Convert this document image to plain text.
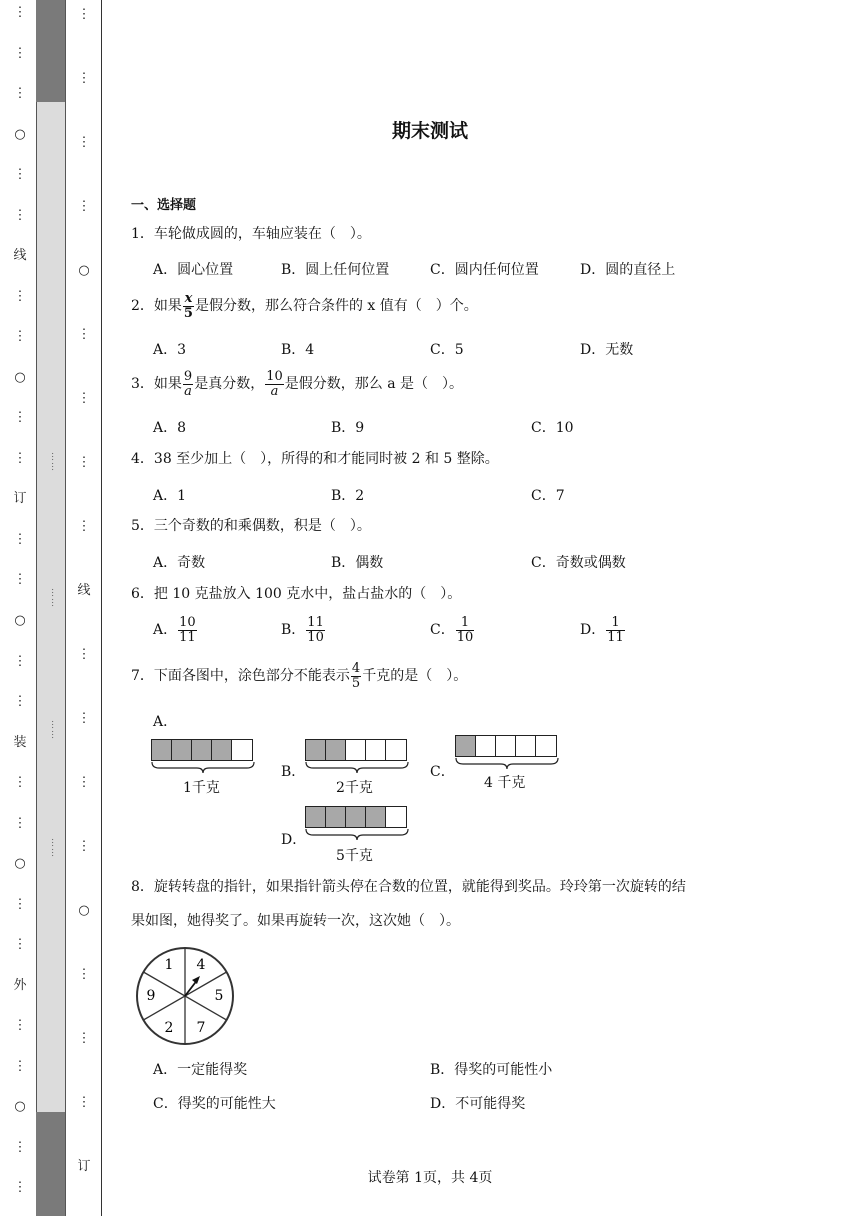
⋮
⋮
⋮
○
⋮
⋮
线
⋮
⋮
○
⋮
⋮
订
⋮
⋮
○
⋮
⋮
装
⋮
⋮
○
⋮
⋮
外
⋮
⋮
○
⋮
⋮
⋮
⋮
⋮
⋮
○
⋮
⋮
⋮
⋮
线
⋮
⋮
⋮
⋮
○
⋮
⋮
⋮
订
……
……
……
……
期末测试
一、选择题
1．车轮做成圆的，车轴应装在（　）。
A．圆心位置	B．圆上任何位置	C．圆内任何位置	D．圆的直径上
2．如果 $\frac{x}{5}$ 是假分数，那么符合条件的 x 值有（　）个。
A．3	B．4	C．5	D．无数
3．如果 $\frac{9}{a}$ 是真分数， $\frac{10}{a}$ 是假分数，那么 a 是（　）。
A．8	B．9	C．10
4．38 至少加上（　），所得的和才能同时被 2 和 5 整除。
A．1	B．2	C．7
5．三个奇数的和乘偶数，积是（　）。
A．奇数	B．偶数	C．奇数或偶数
6．把 10 克盐放入 100 克水中，盐占盐水的（　）。
A． $\frac{10}{11}$	B． $\frac{11}{10}$	C． $\frac{1}{10}$	D． $\frac{1}{11}$
7．下面各图中，涂色部分不能表示 $\frac{4}{5}$ 千克的是（　）。
A．
1千克
B．
2千克
C．
4 千克
D．
5千克
8．旋转转盘的指针，如果指针箭头停在合数的位置，就能得到奖品。玲玲第一次旋转的结
果如图，她得奖了。如果再旋转一次，这次她（　）。
1 4
5
7
2
9
A．一定能得奖	B．得奖的可能性小
C．得奖的可能性大	D．不可能得奖
试卷第 1页，共 4页
